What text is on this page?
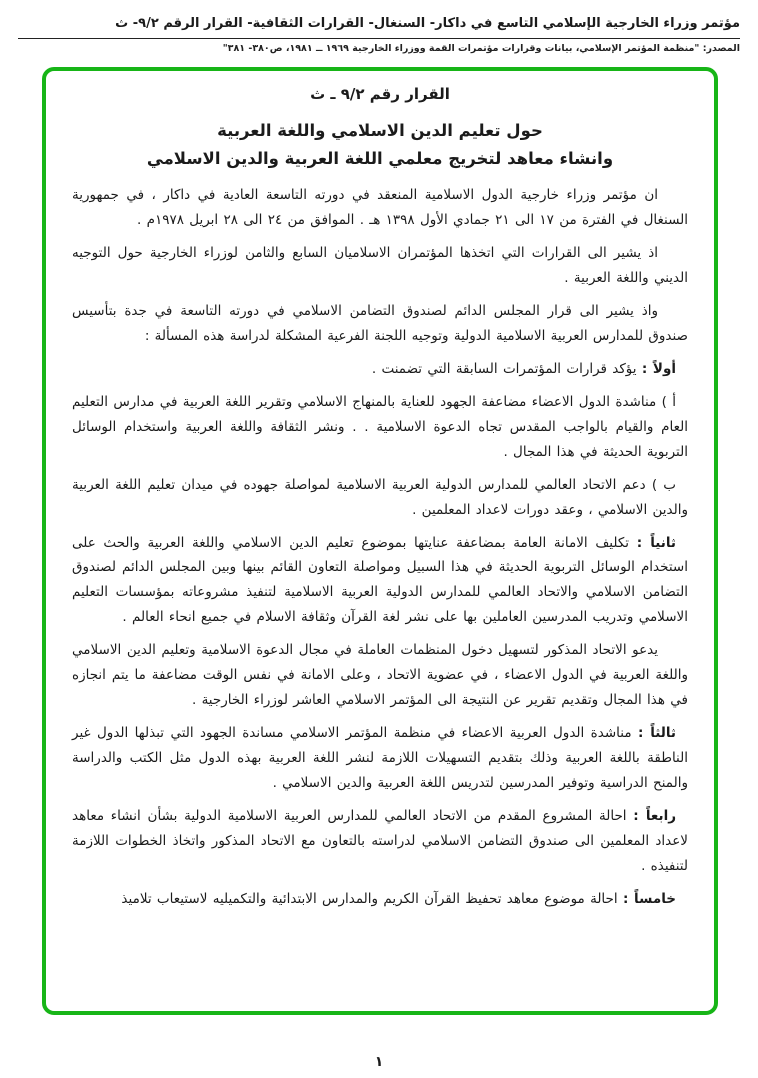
مؤتمر وزراء الخارجية الإسلامي التاسع في داكار- السنغال- القرارات الثقافية- القرار الرقم ٩/٢- ث
المصدر: "منظمة المؤتمر الإسلامي، بيانات وقرارات مؤتمرات القمة ووزراء الخارجية ١٩٦٩ ــ ١٩٨١، ص٣٨٠- ٣٨١"
القرار رقم ٩/٢ ـ ث
حول تعليم الدين الاسلامي واللغة العربية
وانشاء معاهد لتخريج معلمي اللغة العربية والدين الاسلامي

ان مؤتمر وزراء خارجية الدول الاسلامية المنعقد في دورته التاسعة العادية في داكار ، في جمهورية السنغال في الفترة من ١٧ الى ٢١ جمادي الأول ١٣٩٨ هـ . الموافق من ٢٤ الى ٢٨ ابريل ١٩٧٨م .

اذ يشير الى القرارات التي اتخذها المؤتمران الاسلاميان السابع والثامن لوزراء الخارجية حول التوجيه الديني واللغة العربية .

واذ يشير الى قرار المجلس الدائم لصندوق التضامن الاسلامي في دورته التاسعة في جدة بتأسيس صندوق للمدارس العربية الاسلامية الدولية وتوجيه اللجنة الفرعية المشكلة لدراسة هذه المسألة :

أولاً : يؤكد قرارات المؤتمرات السابقة التي تضمنت .

أ ) مناشدة الدول الاعضاء مضاعفة الجهود للعناية بالمنهاج الاسلامي وتقرير اللغة العربية في مدارس التعليم العام والقيام بالواجب المقدس تجاه الدعوة الاسلامية . . ونشر الثقافة واللغة العربية واستخدام الوسائل التربوية الحديثة في هذا المجال .

ب ) دعم الاتحاد العالمي للمدارس الدولية العربية الاسلامية لمواصلة جهوده في ميدان تعليم اللغة العربية والدين الاسلامي ، وعقد دورات لاعداد المعلمين .

ثانياً : تكليف الامانة العامة بمضاعفة عنايتها بموضوع تعليم الدين الاسلامي واللغة العربية والحث على استخدام الوسائل التربوية الحديثة في هذا السبيل ومواصلة التعاون القائم بينها وبين المجلس الدائم لصندوق التضامن الاسلامي والاتحاد العالمي للمدارس الدولية العربية الاسلامية لتنفيذ مشروعاته بمؤسسات التعليم الاسلامي وتدريب المدرسين العاملين بها على نشر لغة القرآن وثقافة الاسلام في جميع انحاء العالم .

يدعو الاتحاد المذكور لتسهيل دخول المنظمات العاملة في مجال الدعوة الاسلامية وتعليم الدين الاسلامي واللغة العربية في الدول الاعضاء ، في عضوية الاتحاد ، وعلى الامانة في نفس الوقت مضاعفة ما يتم انجازه في هذا المجال وتقديم تقرير عن النتيجة الى المؤتمر الاسلامي العاشر لوزراء الخارجية .

ثالثاً : مناشدة الدول العربية الاعضاء في منظمة المؤتمر الاسلامي مساندة الجهود التي تبذلها الدول غير الناطقة باللغة العربية وذلك بتقديم التسهيلات اللازمة لنشر اللغة العربية بهذه الدول مثل الكتب والدراسة والمنح الدراسية وتوفير المدرسين لتدريس اللغة العربية والدين الاسلامي .

رابعاً : احالة المشروع المقدم من الاتحاد العالمي للمدارس العربية الاسلامية الدولية بشأن انشاء معاهد لاعداد المعلمين الى صندوق التضامن الاسلامي لدراسته بالتعاون مع الاتحاد المذكور واتخاذ الخطوات اللازمة لتنفيذه .

خامساً : احالة موضوع معاهد تحفيظ القرآن الكريم والمدارس الابتدائية والتكميليه لاستيعاب تلاميذ

١
